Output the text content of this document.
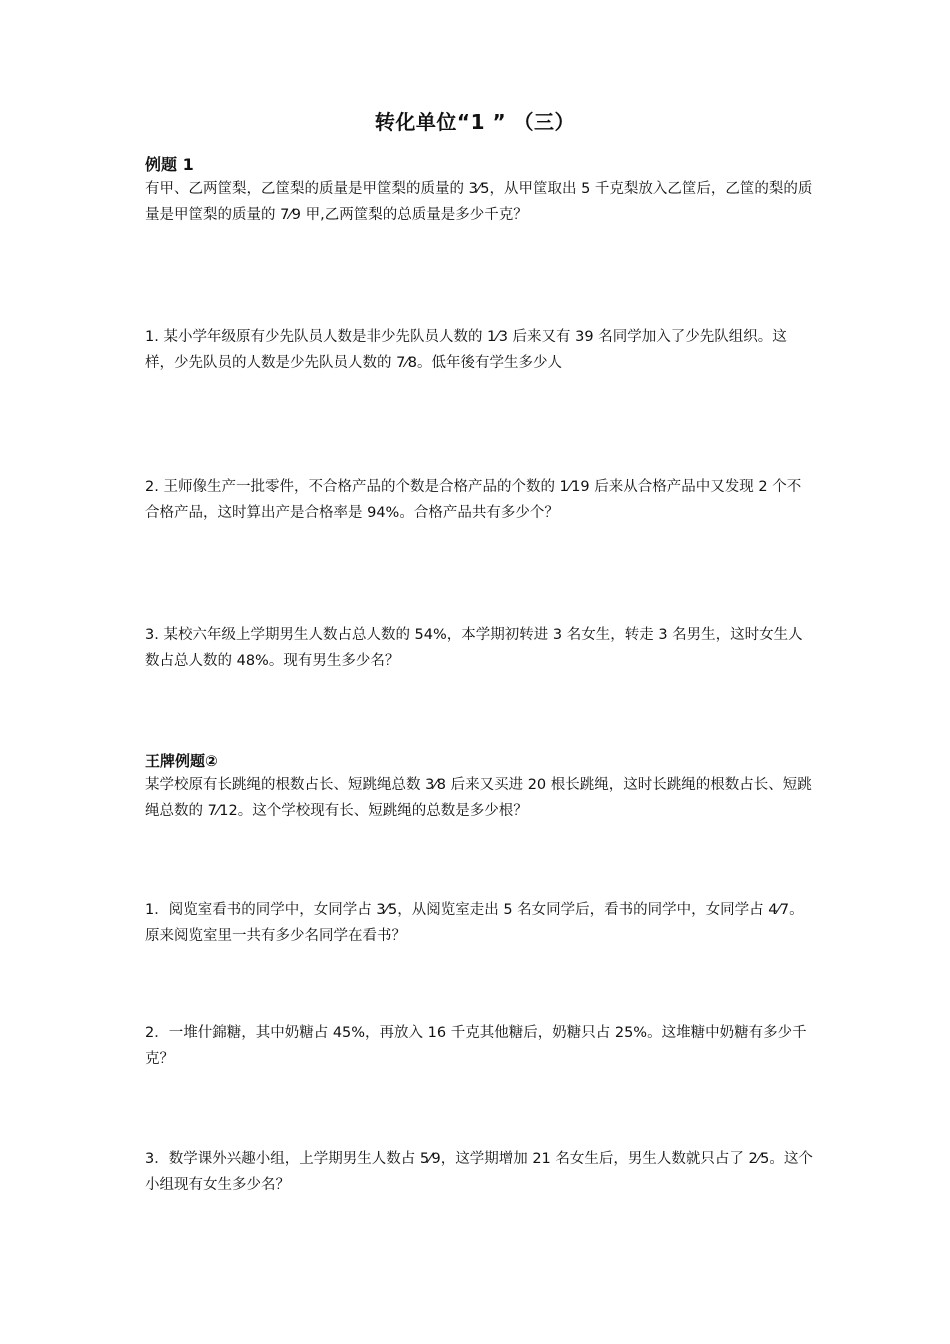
转化单位“1 ” （三）
例题 1
有甲、乙两筐梨，乙筐梨的质量是甲筐梨的质量的 3⁄5，从甲筐取出 5 千克梨放入乙筐后，乙筐的梨的质量是甲筐梨的质量的 7⁄9 甲,乙两筐梨的总质量是多少千克？
1. 某小学年级原有少先队员人数是非少先队员人数的 1⁄3 后来又有 39 名同学加入了少先队组织。这样，少先队员的人数是少先队员人数的 7⁄8。低年後有学生多少人
2. 王师像生产一批零件，不合格产品的个数是合格产品的个数的 1⁄19 后来从合格产品中又发现 2 个不合格产品，这时算出产是合格率是 94%。合格产品共有多少个？
3. 某校六年级上学期男生人数占总人数的 54%，本学期初转进 3 名女生，转走 3 名男生，这时女生人数占总人数的 48%。现有男生多少名？
王牌例题②
某学校原有长跳绳的根数占长、短跳绳总数 3⁄8 后来又买进 20 根长跳绳，这时长跳绳的根数占长、短跳绳总数的 7⁄12。这个学校现有长、短跳绳的总数是多少根？
1．阅览室看书的同学中，女同学占 3⁄5，从阅览室走出 5 名女同学后，看书的同学中，女同学占 4⁄7。原来阅览室里一共有多少名同学在看书？
2．一堆什錦糖，其中奶糖占 45%，再放入 16 千克其他糖后，奶糖只占 25%。这堆糖中奶糖有多少千克？
3．数学课外兴趣小组，上学期男生人数占 5⁄9，这学期增加 21 名女生后，男生人数就只占了 2⁄5。这个小组现有女生多少名？
